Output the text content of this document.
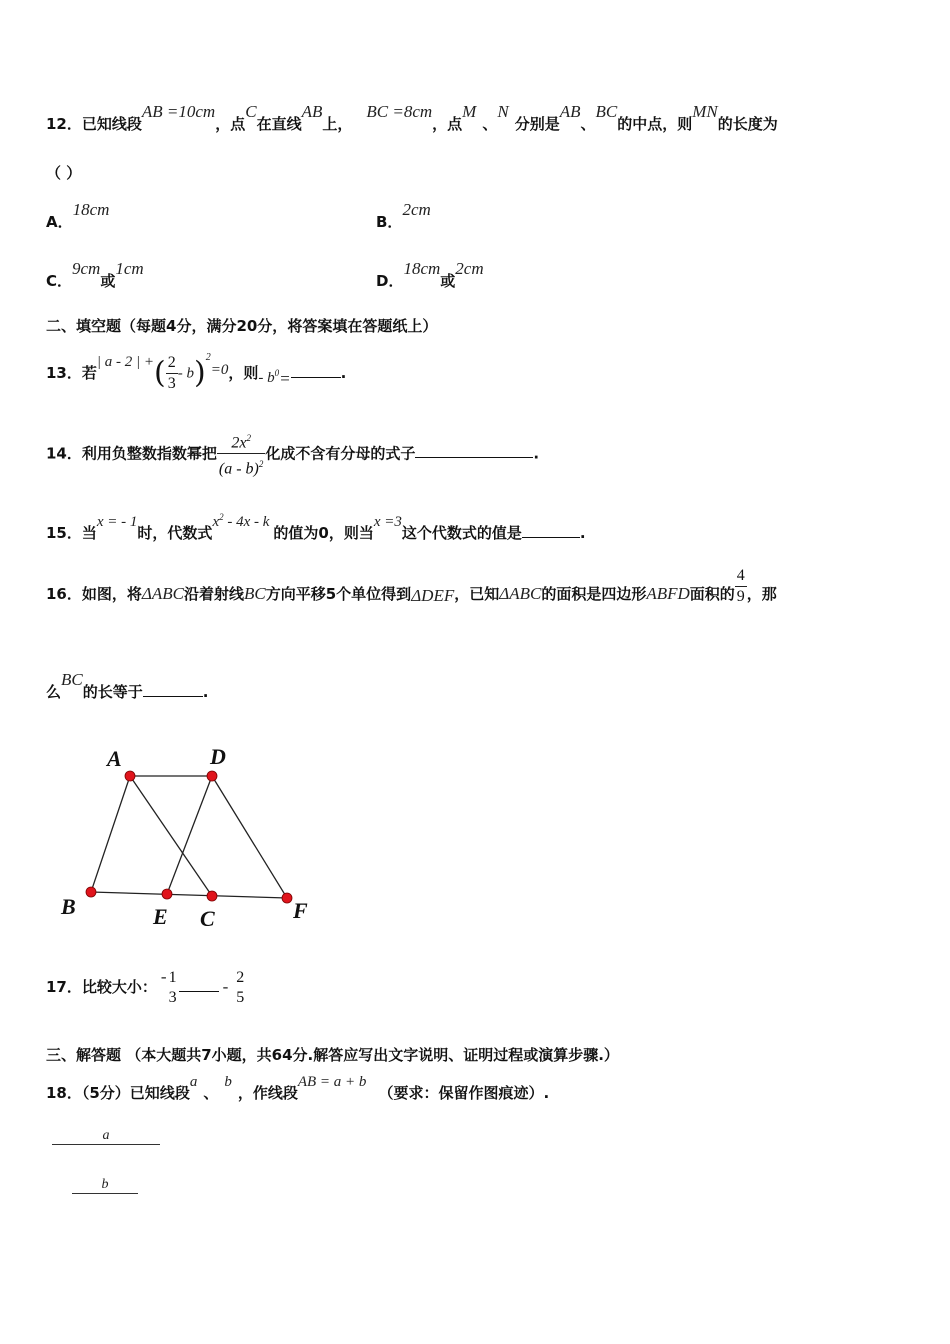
12．已知线段AB =10cm，点C在直线AB上，BC =8cm，点M、N分别是AB、BC的中点，则MN的长度为
（ ）
A．18cm
B．2cm
C．9cm或1cm
D．18cm或2cm
二、填空题（每题4分，满分20分，将答案填在答题纸上）
13．若| a - 2 | +( $\frac{2}{3} - b)^2=0$，则- b0=	.
14．利用负整数指数幂把 $\frac{2x^2}{(a - b)^2}$ 化成不含有分母的式子	.
15．当x = - 1时，代数式$x^2 - 4x$ - k的值为0，则当x =3这个代数式的值是	.
16．如图，将ΔABC沿着射线BC方向平移5个单位得到ΔDEF，已知ΔABC的面积是四边形ABFD面积的 $\frac{4}{9}$ ，那
么BC的长等于	.
A	D
B	E C	F
17．比较大小：- 1
3
- 2
5
三、解答题 （本大题共7小题，共64分.解答应写出文字说明、证明过程或演算步骤.）
18．（5分）已知线段a、b，作线段AB = a + b（要求：保留作图痕迹）.
a
b
